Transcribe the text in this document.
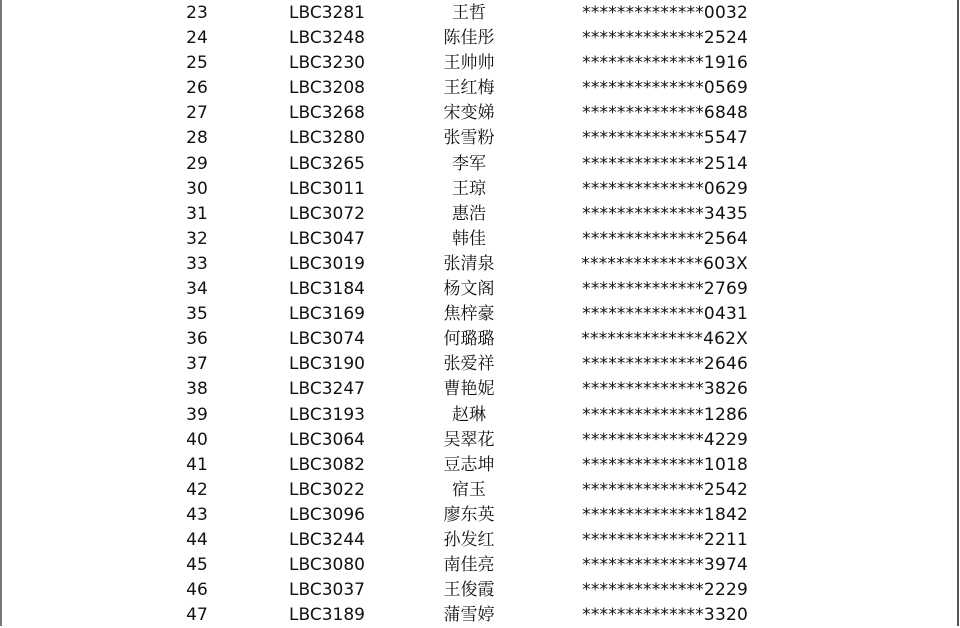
23	LBC3281	王哲	**************0032
24	LBC3248	陈佳彤	**************2524
25	LBC3230	王帅帅	**************1916
26	LBC3208	王红梅	**************0569
27	LBC3268	宋变娣	**************6848
28	LBC3280	张雪粉	**************5547
29	LBC3265	李军	**************2514
30	LBC3011	王琼	**************0629
31	LBC3072	惠浩	**************3435
32	LBC3047	韩佳	**************2564
33	LBC3019	张清泉	**************603X
34	LBC3184	杨文阁	**************2769
35	LBC3169	焦梓豪	**************0431
36	LBC3074	何璐璐	**************462X
37	LBC3190	张爱祥	**************2646
38	LBC3247	曹艳妮	**************3826
39	LBC3193	赵琳	**************1286
40	LBC3064	吴翠花	**************4229
41	LBC3082	豆志坤	**************1018
42	LBC3022	宿玉	**************2542
43	LBC3096	廖东英	**************1842
44	LBC3244	孙发红	**************2211
45	LBC3080	南佳亮	**************3974
46	LBC3037	王俊霞	**************2229
47	LBC3189	蒲雪婷	**************3320
